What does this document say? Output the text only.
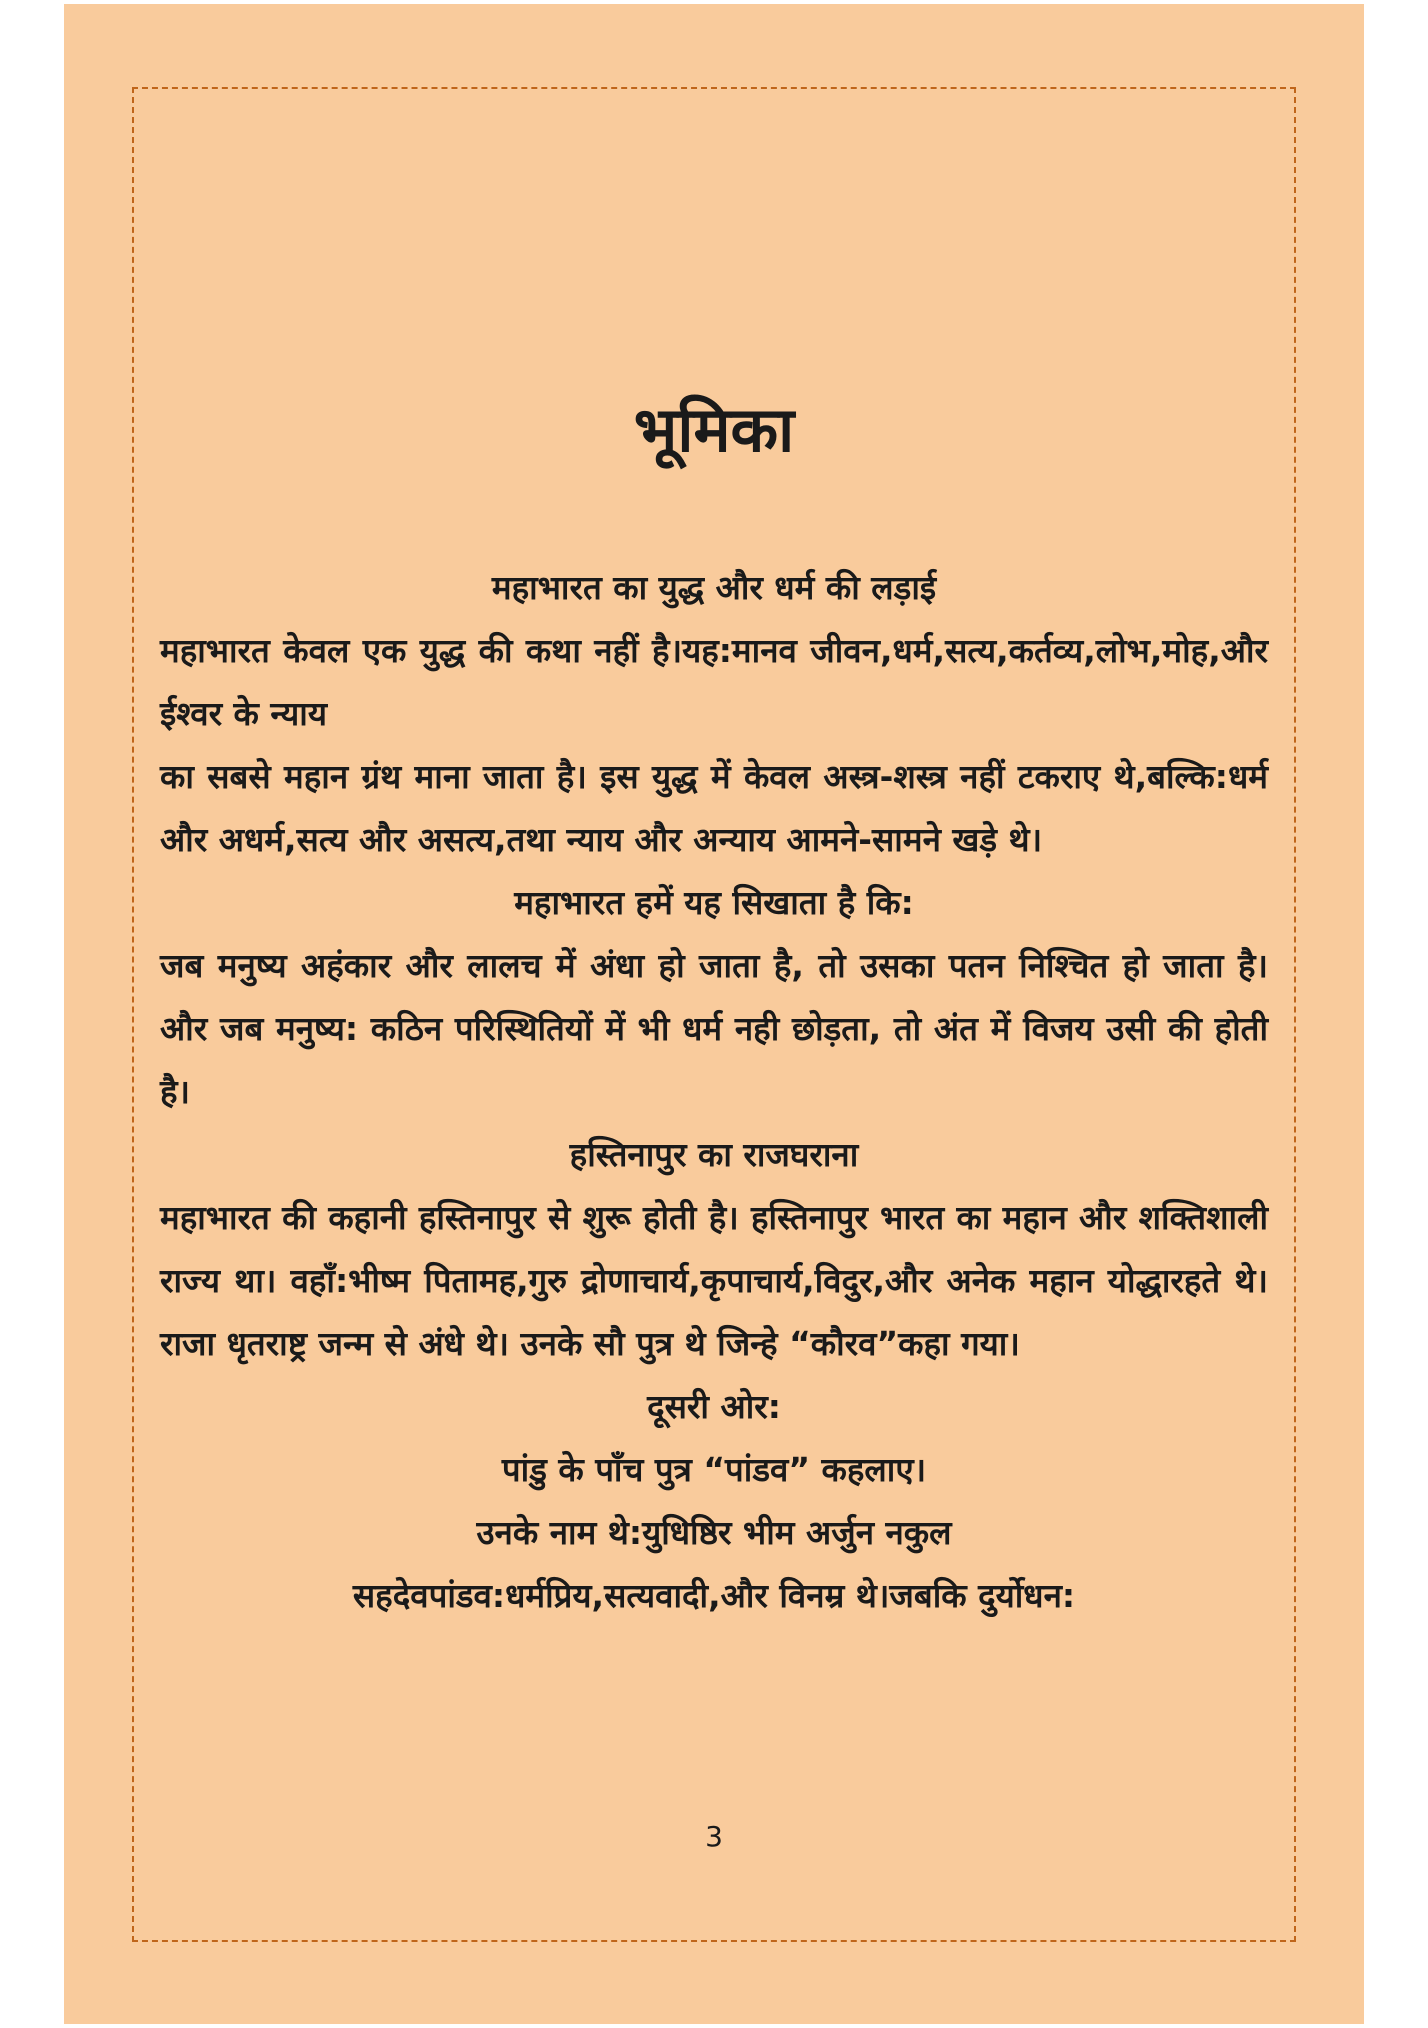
भूमिका

महाभारत का युद्ध और धर्म की लड़ाई

महाभारत केवल एक युद्ध की कथा नहीं है।यह:मानव जीवन,धर्म,सत्य,कर्तव्य,लोभ,मोह,और ईश्वर के न्याय

का सबसे महान ग्रंथ माना जाता है। इस युद्ध में केवल अस्त्र-शस्त्र नहीं टकराए थे,बल्कि:धर्म और अधर्म,सत्य और असत्य,तथा न्याय और अन्याय आमने-सामने खड़े थे।

महाभारत हमें यह सिखाता है कि:

जब मनुष्य अहंकार और लालच में अंधा हो जाता है, तो उसका पतन निश्चित हो जाता है।और जब मनुष्य: कठिन परिस्थितियों में भी धर्म नही छोड़ता, तो अंत में विजय उसी की होती है।

हस्तिनापुर का राजघराना

महाभारत की कहानी हस्तिनापुर से शुरू होती है। हस्तिनापुर भारत का महान और शक्तिशाली राज्य था। वहाँ:भीष्म पितामह,गुरु द्रोणाचार्य,कृपाचार्य,विदुर,और अनेक महान योद्धारहते थे।राजा धृतराष्ट्र जन्म से अंधे थे। उनके सौ पुत्र थे जिन्हे “कौरव”कहा गया।

दूसरी ओर:

पांडु के पाँच पुत्र “पांडव” कहलाए।

उनके नाम थे:युधिष्ठिर भीम अर्जुन नकुल

सहदेवपांडव:धर्मप्रिय,सत्यवादी,और विनम्र थे।जबकि दुर्योधन:

3
